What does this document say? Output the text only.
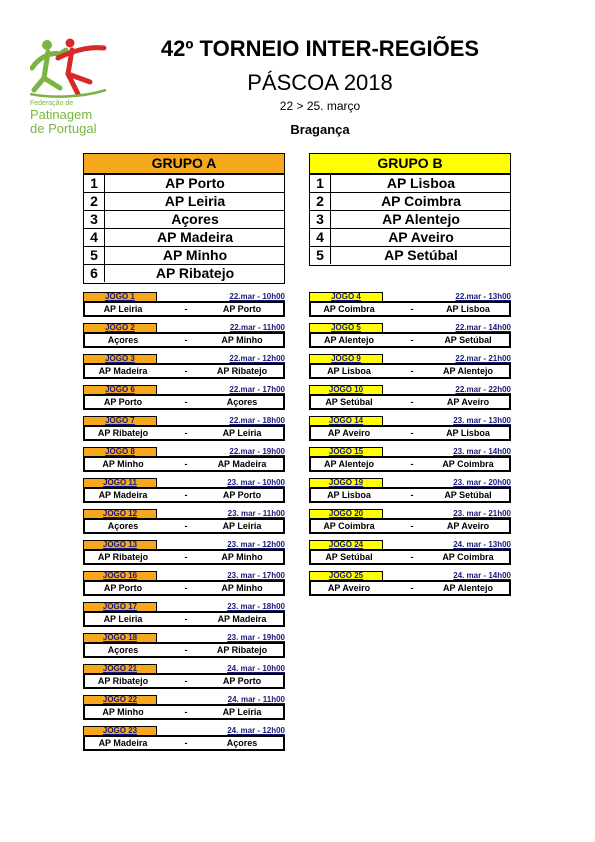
Federação de
Patinagem
de Portugal
42º TORNEIO INTER-REGIÕES
PÁSCOA 2018
22 > 25. março
Bragança
GRUPO A
1	AP Porto
2	AP Leiria
3	Açores
4	AP Madeira
5	AP Minho
6	AP Ribatejo
GRUPO B
1	AP Lisboa
2	AP Coimbra
3	AP Alentejo
4	AP Aveiro
5	AP Setúbal
JOGO 1	22.mar - 10h00
AP Leiria	-	AP Porto
JOGO 2	22.mar - 11h00
Açores	-	AP Minho
JOGO 3	22.mar - 12h00
AP Madeira	-	AP Ribatejo
JOGO 6	22.mar - 17h00
AP Porto	-	Açores
JOGO 7	22.mar - 18h00
AP Ribatejo	-	AP Leiria
JOGO 8	22.mar - 19h00
AP Minho	-	AP Madeira
JOGO 11	23. mar - 10h00
AP Madeira	-	AP Porto
JOGO 12	23. mar - 11h00
Açores	-	AP Leiria
JOGO 13	23. mar - 12h00
AP Ribatejo	-	AP Minho
JOGO 16	23. mar - 17h00
AP Porto	-	AP Minho
JOGO 17	23. mar - 18h00
AP Leiria	-	AP Madeira
JOGO 18	23. mar - 19h00
Açores	-	AP Ribatejo
JOGO 21	24. mar - 10h00
AP Ribatejo	-	AP Porto
JOGO 22	24. mar - 11h00
AP Minho	-	AP Leiria
JOGO 23	24. mar - 12h00
AP Madeira	-	Açores
JOGO 4	22.mar - 13h00
AP Coimbra	-	AP Lisboa
JOGO 5	22.mar - 14h00
AP Alentejo	-	AP Setúbal
JOGO 9	22.mar - 21h00
AP Lisboa	-	AP Alentejo
JOGO 10	22.mar - 22h00
AP Setúbal	-	AP Aveiro
JOGO 14	23. mar - 13h00
AP Aveiro	-	AP Lisboa
JOGO 15	23. mar - 14h00
AP Alentejo	-	AP Coimbra
JOGO 19	23. mar - 20h00
AP Lisboa	-	AP Setúbal
JOGO 20	23. mar - 21h00
AP Coimbra	-	AP Aveiro
JOGO 24	24. mar - 13h00
AP Setúbal	-	AP Coimbra
JOGO 25	24. mar - 14h00
AP Aveiro	-	AP Alentejo
